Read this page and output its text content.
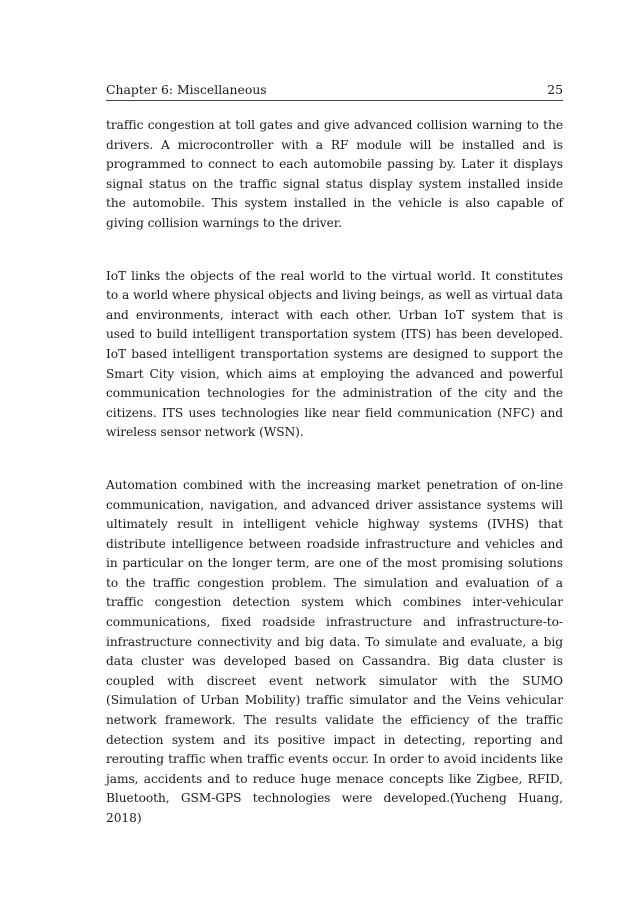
Chapter 6: Miscellaneous	25

traffic congestion at toll gates and give advanced collision warning to the drivers. A microcontroller with a RF module will be installed and is programmed to connect to each automobile passing by. Later it displays signal status on the traffic signal status display system installed inside the automobile. This system installed in the vehicle is also capable of giving collision warnings to the driver.

IoT links the objects of the real world to the virtual world. It constitutes to a world where physical objects and living beings, as well as virtual data and environments, interact with each other. Urban IoT system that is used to build intelligent transportation system (ITS) has been developed. IoT based intelligent transportation systems are designed to support the Smart City vision, which aims at employing the advanced and powerful communication technologies for the administration of the city and the citizens. ITS uses technologies like near field communication (NFC) and wireless sensor network (WSN).

Automation combined with the increasing market penetration of on-line communication, navigation, and advanced driver assistance systems will ultimately result in intelligent vehicle highway systems (IVHS) that distribute intelligence between roadside infrastructure and vehicles and in particular on the longer term, are one of the most promising solutions to the traffic congestion problem. The simulation and evaluation of a traffic congestion detection system which combines inter-vehicular communications, fixed roadside infrastructure and infrastructure-to-infrastructure connectivity and big data. To simulate and evaluate, a big data cluster was developed based on Cassandra. Big data cluster is coupled with discreet event network simulator with the SUMO (Simulation of Urban Mobility) traffic simulator and the Veins vehicular network framework. The results validate the efficiency of the traffic detection system and its positive impact in detecting, reporting and rerouting traffic when traffic events occur. In order to avoid incidents like jams, accidents and to reduce huge menace concepts like Zigbee, RFID, Bluetooth, GSM-GPS technologies were developed.(Yucheng Huang, 2018)
